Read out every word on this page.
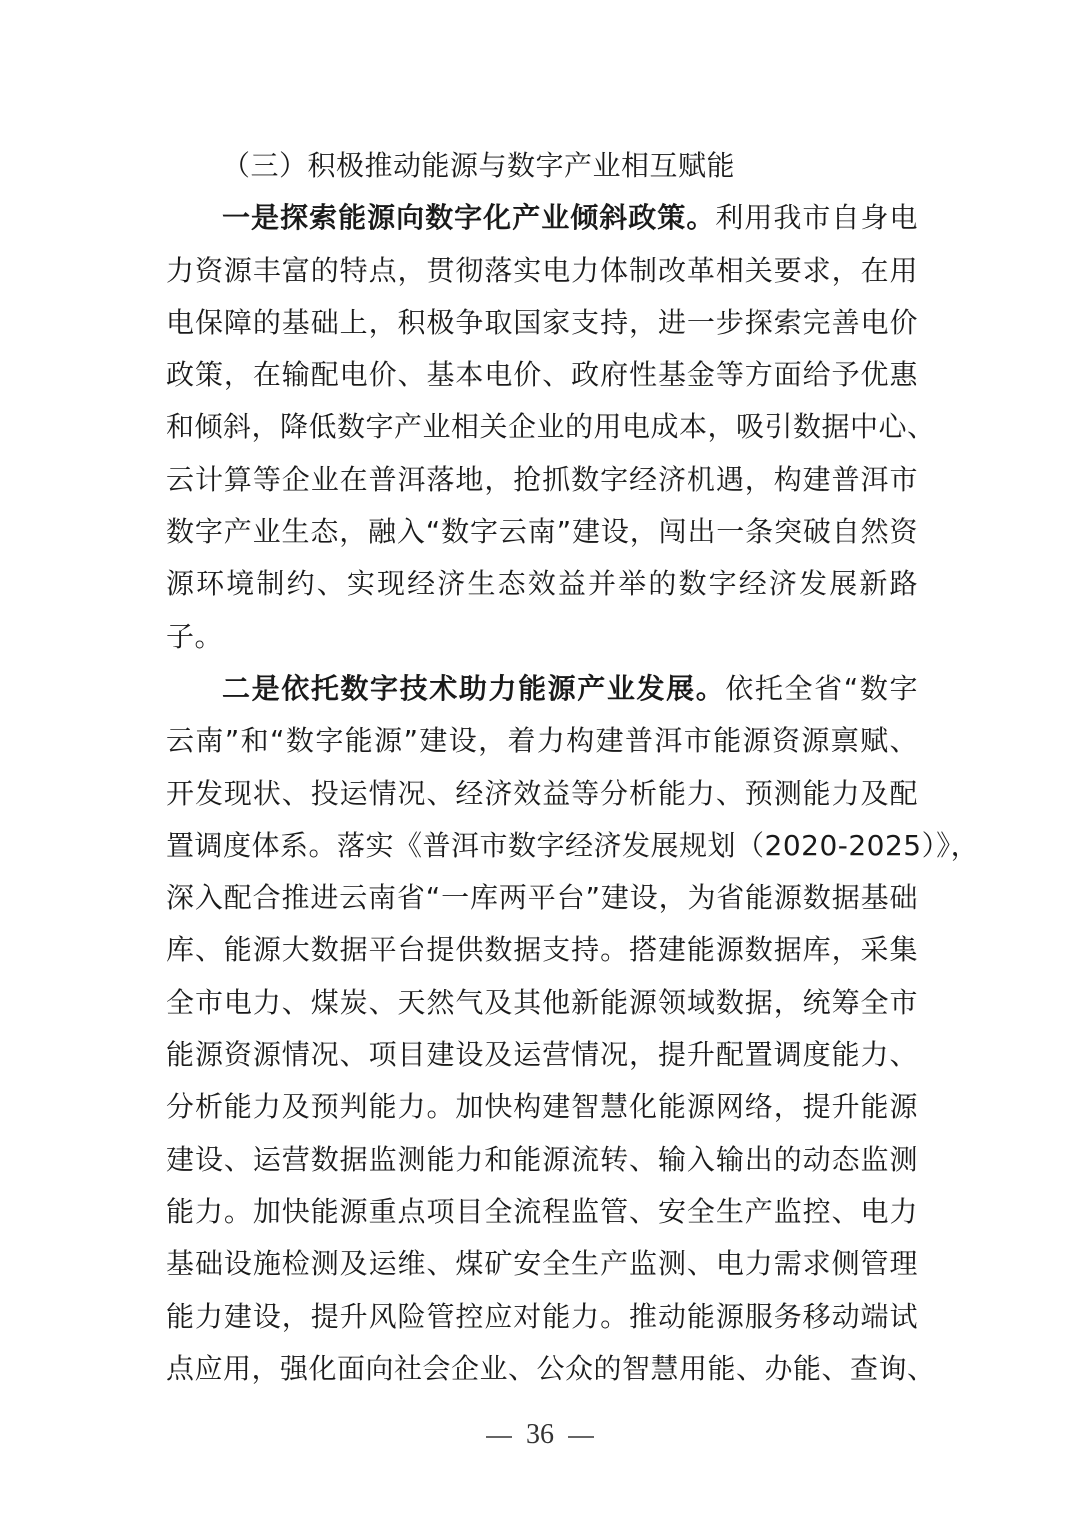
（三）积极推动能源与数字产业相互赋能
一是探索能源向数字化产业倾斜政策。利用我市自身电
力资源丰富的特点，贯彻落实电力体制改革相关要求，在用
电保障的基础上，积极争取国家支持，进一步探索完善电价
政策，在输配电价、基本电价、政府性基金等方面给予优惠
和倾斜，降低数字产业相关企业的用电成本，吸引数据中心、
云计算等企业在普洱落地，抢抓数字经济机遇，构建普洱市
数字产业生态，融入“数字云南”建设，闯出一条突破自然资
源环境制约、实现经济生态效益并举的数字经济发展新路
子。
二是依托数字技术助力能源产业发展。依托全省“数字
云南”和“数字能源”建设，着力构建普洱市能源资源禀赋、
开发现状、投运情况、经济效益等分析能力、预测能力及配
置调度体系。落实《普洱市数字经济发展规划（2020-2025）》，
深入配合推进云南省“一库两平台”建设，为省能源数据基础
库、能源大数据平台提供数据支持。搭建能源数据库，采集
全市电力、煤炭、天然气及其他新能源领域数据，统筹全市
能源资源情况、项目建设及运营情况，提升配置调度能力、
分析能力及预判能力。加快构建智慧化能源网络，提升能源
建设、运营数据监测能力和能源流转、输入输出的动态监测
能力。加快能源重点项目全流程监管、安全生产监控、电力
基础设施检测及运维、煤矿安全生产监测、电力需求侧管理
能力建设，提升风险管控应对能力。推动能源服务移动端试
点应用，强化面向社会企业、公众的智慧用能、办能、查询、
36
